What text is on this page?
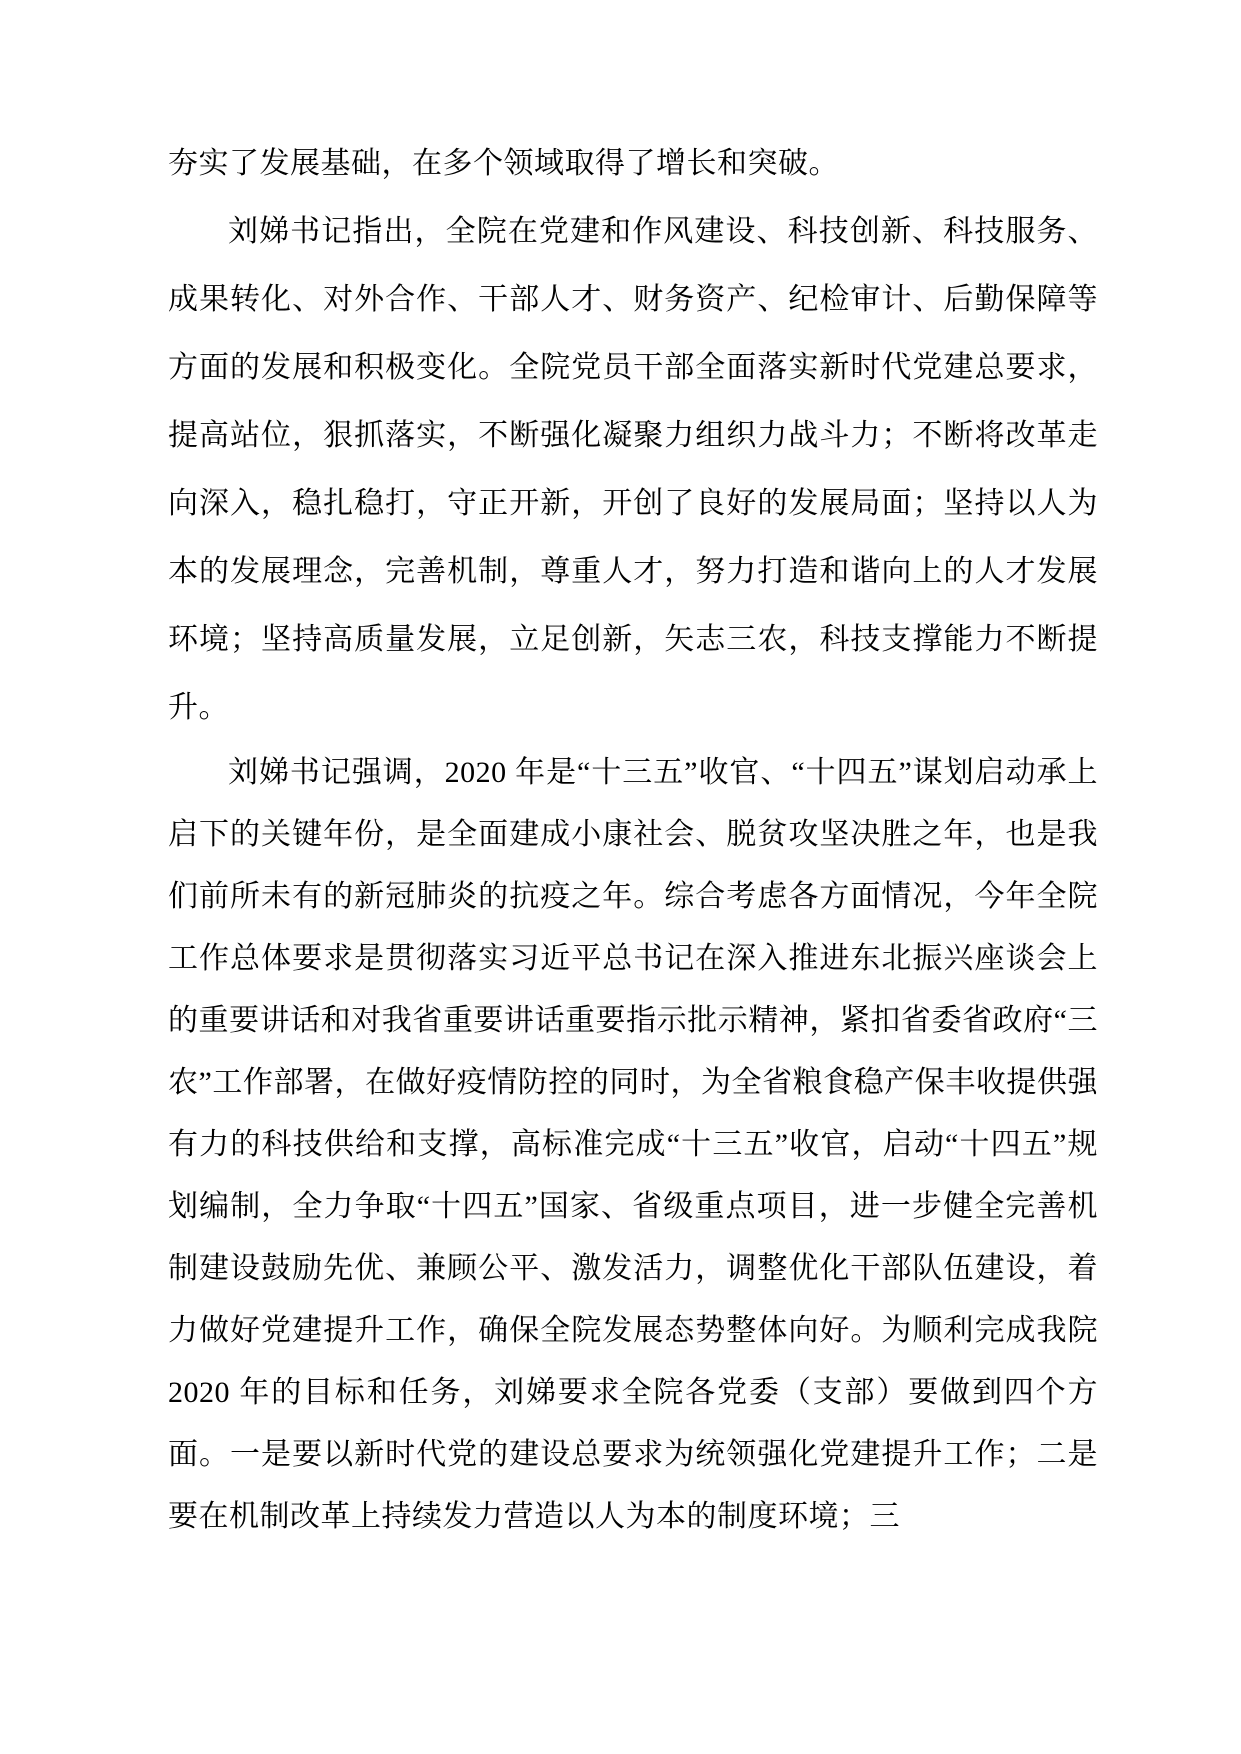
夯实了发展基础，在多个领域取得了增长和突破。

刘娣书记指出，全院在党建和作风建设、科技创新、科技服务、成果转化、对外合作、干部人才、财务资产、纪检审计、后勤保障等方面的发展和积极变化。全院党员干部全面落实新时代党建总要求，提高站位，狠抓落实，不断强化凝聚力组织力战斗力；不断将改革走向深入，稳扎稳打，守正开新，开创了良好的发展局面；坚持以人为本的发展理念，完善机制，尊重人才，努力打造和谐向上的人才发展环境；坚持高质量发展，立足创新，矢志三农，科技支撑能力不断提升。

刘娣书记强调，2020 年是“十三五”收官、“十四五”谋划启动承上启下的关键年份，是全面建成小康社会、脱贫攻坚决胜之年，也是我们前所未有的新冠肺炎的抗疫之年。综合考虑各方面情况，今年全院工作总体要求是贯彻落实习近平总书记在深入推进东北振兴座谈会上的重要讲话和对我省重要讲话重要指示批示精神，紧扣省委省政府“三农”工作部署，在做好疫情防控的同时，为全省粮食稳产保丰收提供强有力的科技供给和支撑，高标准完成“十三五”收官，启动“十四五”规划编制，全力争取“十四五”国家、省级重点项目，进一步健全完善机制建设鼓励先优、兼顾公平、激发活力，调整优化干部队伍建设，着力做好党建提升工作，确保全院发展态势整体向好。为顺利完成我院 2020 年的目标和任务，刘娣要求全院各党委（支部）要做到四个方面。一是要以新时代党的建设总要求为统领强化党建提升工作；二是要在机制改革上持续发力营造以人为本的制度环境；三
